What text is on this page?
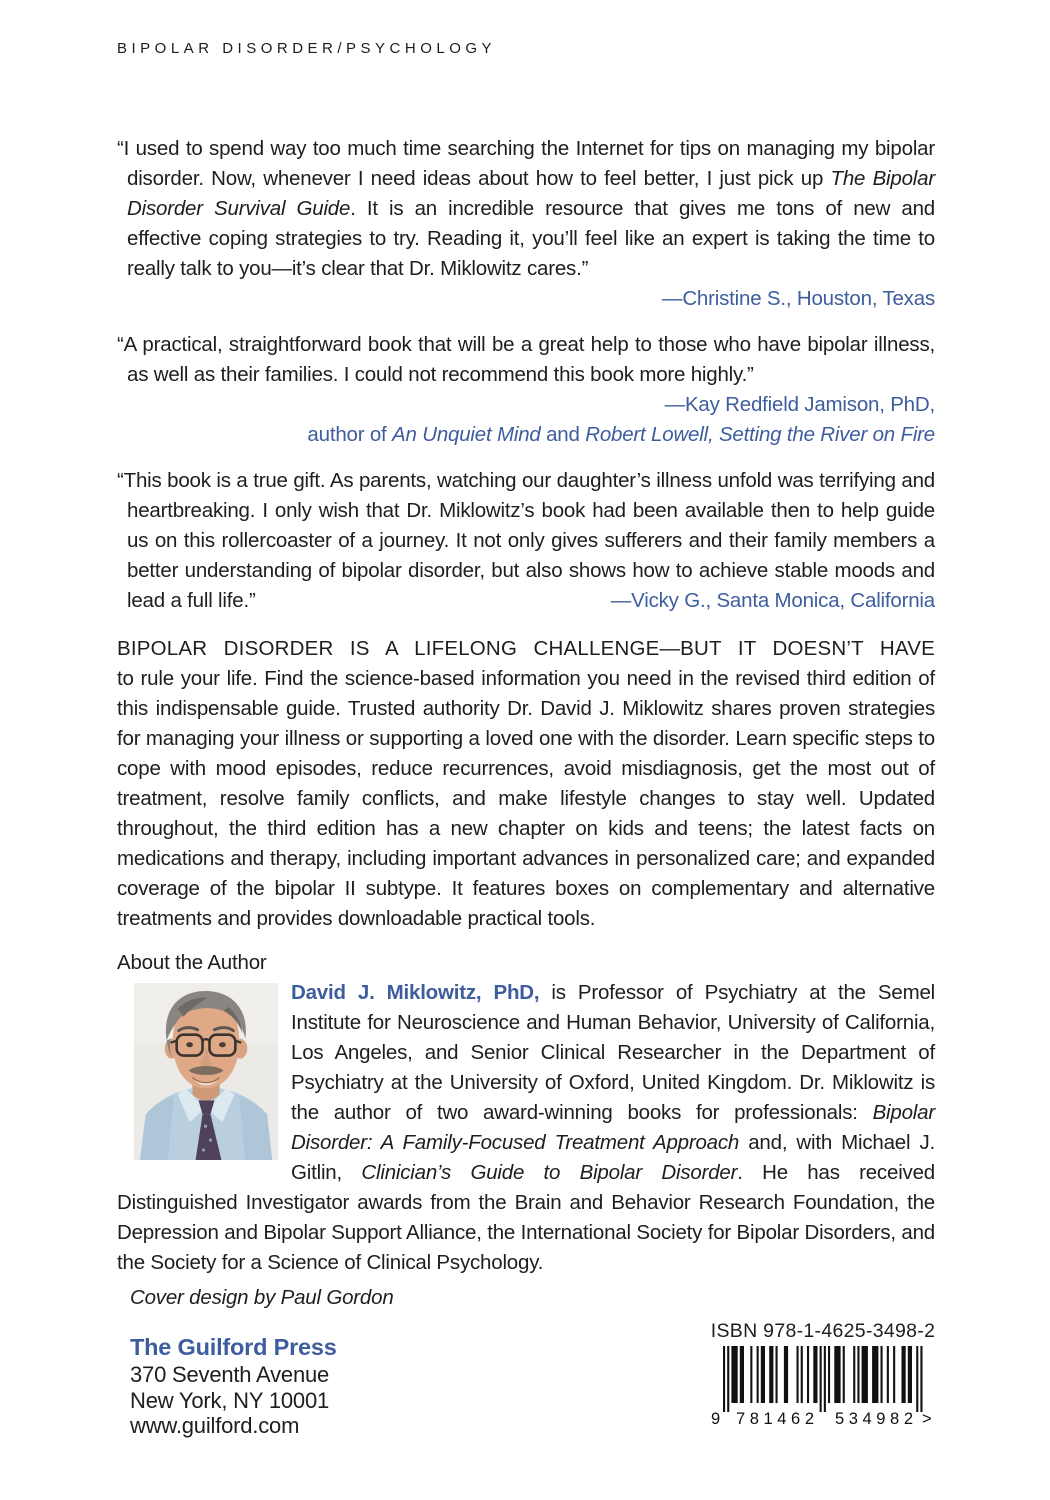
BIPOLAR DISORDER/PSYCHOLOGY

“I used to spend way too much time searching the Internet for tips on managing my bipolar disorder. Now, whenever I need ideas about how to feel better, I just pick up The Bipolar Disorder Survival Guide. It is an incredible resource that gives me tons of new and effective coping strategies to try. Reading it, you’ll feel like an expert is taking the time to really talk to you—it’s clear that Dr. Miklowitz cares.”

—Christine S., Houston, Texas

“A practical, straightforward book that will be a great help to those who have bipolar illness, as well as their families. I could not recommend this book more highly.”

—Kay Redfield Jamison, PhD,

author of An Unquiet Mind and Robert Lowell, Setting the River on Fire

“This book is a true gift. As parents, watching our daughter’s illness unfold was terrifying and heartbreaking. I only wish that Dr. Miklowitz’s book had been available then to help guide us on this rollercoaster of a journey. It not only gives sufferers and their family members a better understanding of bipolar disorder, but also shows how to achieve stable moods and lead a full life.”	—Vicky G., Santa Monica, California

BIPOLAR DISORDER IS A LIFELONG CHALLENGE—BUT IT DOESN’T HAVE
to rule your life. Find the science-based information you need in the revised third edition of this indispensable guide. Trusted authority Dr. David J. Miklowitz shares proven strategies for managing your illness or supporting a loved one with the disorder. Learn specific steps to cope with mood episodes, reduce recurrences, avoid misdiagnosis, get the most out of treatment, resolve family conflicts, and make lifestyle changes to stay well. Updated throughout, the third edition has a new chapter on kids and teens; the latest facts on medications and therapy, including important advances in personalized care; and expanded coverage of the bipolar II subtype. It features boxes on complementary and alternative treatments and provides downloadable practical tools.
About the Author

David J. Miklowitz, PhD, is Professor of Psychiatry at the Semel Institute for Neuroscience and Human Behavior, University of California, Los Angeles, and Senior Clinical Researcher in the Department of Psychiatry at the University of Oxford, United Kingdom. Dr. Miklowitz is the author of two award-winning books for professionals: Bipolar Disorder: A Family-Focused Treatment Approach and, with Michael J. Gitlin, Clinician’s Guide to Bipolar Disorder. He has received Distinguished Investigator awards from the Brain and Behavior Research Foundation, the Depression and Bipolar Support Alliance, the International Society for Bipolar Disorders, and the Society for a Science of Clinical Psychology.

Cover design by Paul Gordon
The Guilford Press
370 Seventh Avenue
New York, NY 10001
www.guilford.com
ISBN 978-1-4625-3498-2
9 781462 534982 >
